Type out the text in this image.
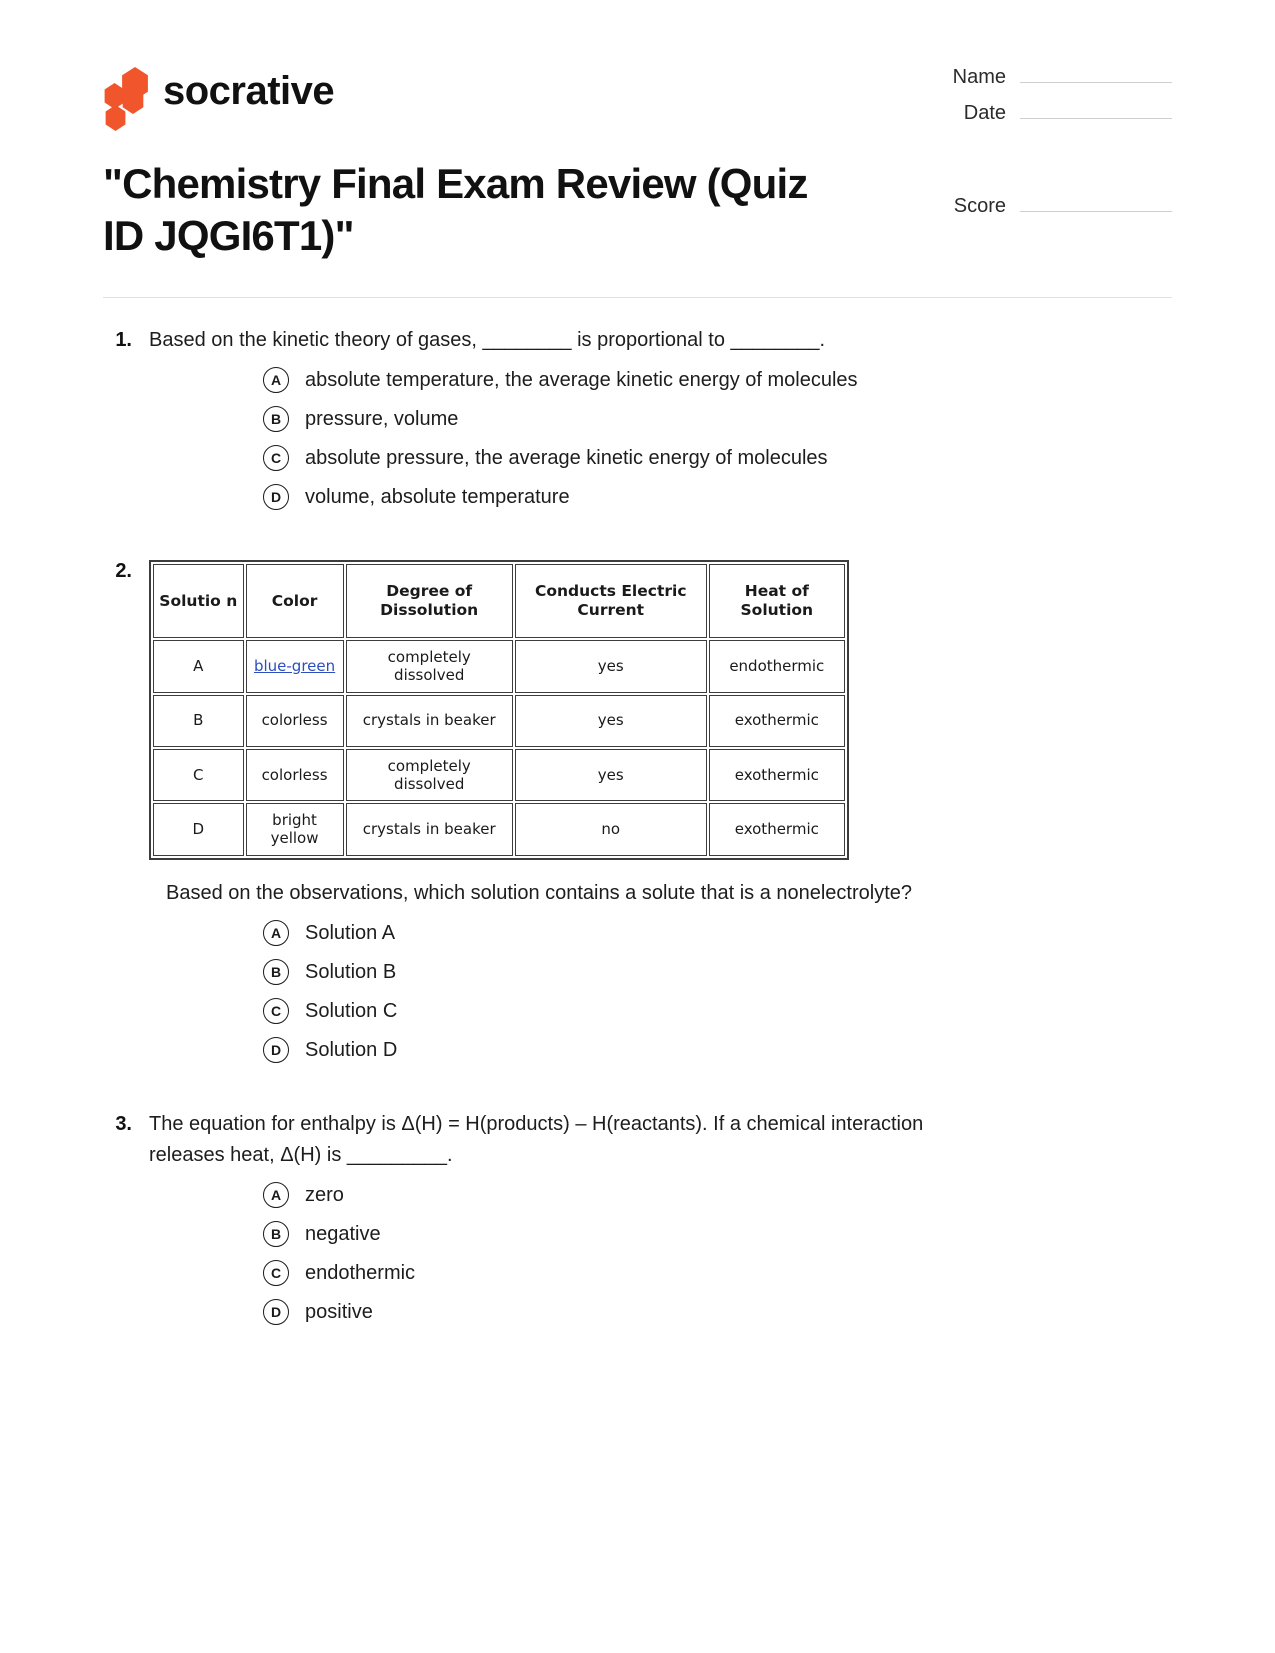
socrative	Name
Date
Score
"Chemistry Final Exam Review (Quiz ID JQGI6T1)"
1. Based on the kinetic theory of gases, ________ is proportional to ________.
A	absolute temperature, the average kinetic energy of molecules
B	pressure, volume
C	absolute pressure, the average kinetic energy of molecules
D	volume, absolute temperature
2.
Solutio n	Color	Degree of Dissolution	Conducts Electric Current	Heat of Solution
A	blue-green	completely dissolved	yes	endothermic
B	colorless	crystals in beaker	yes	exothermic
C	colorless	completely dissolved	yes	exothermic
D	bright yellow	crystals in beaker	no	exothermic
Based on the observations, which solution contains a solute that is a nonelectrolyte?
A	Solution A
B	Solution B
C	Solution C
D	Solution D
3. The equation for enthalpy is Δ(H) = H(products) – H(reactants). If a chemical interaction releases heat, Δ(H) is _________.
A	zero
B	negative
C	endothermic
D	positive
